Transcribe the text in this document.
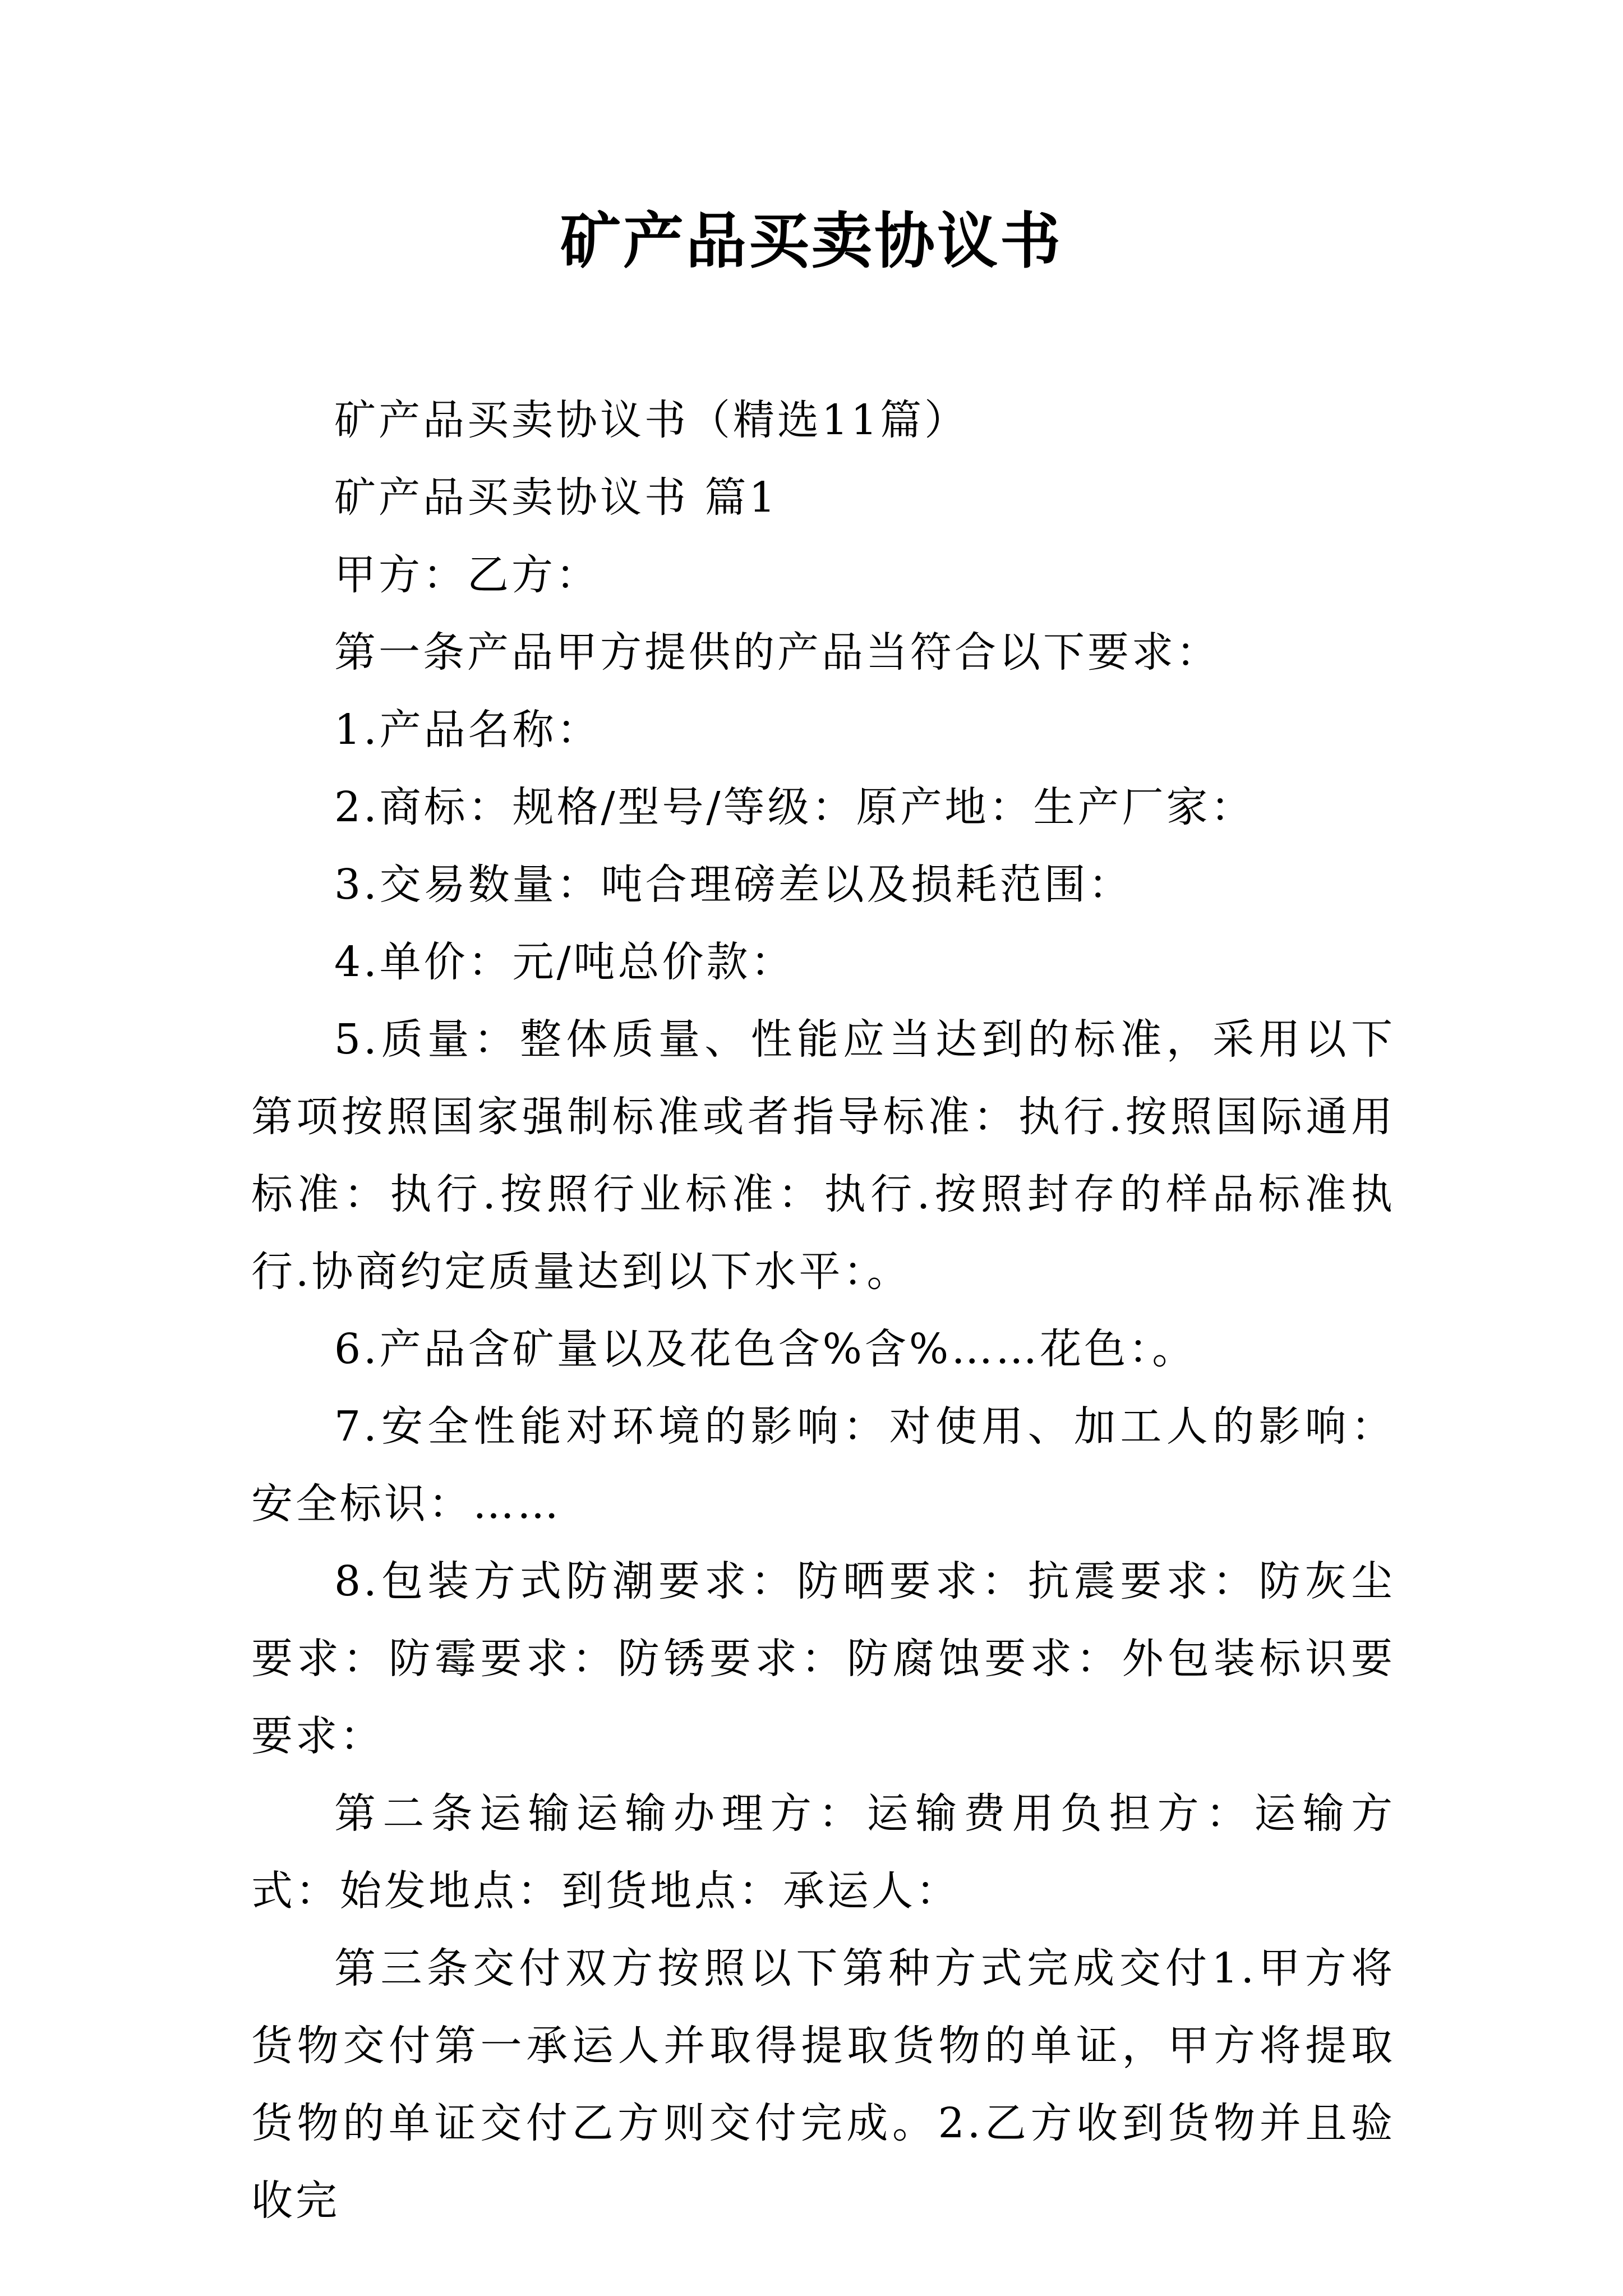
矿产品买卖协议书

矿产品买卖协议书（精选11篇）

矿产品买卖协议书 篇1

甲方：乙方：

第一条产品甲方提供的产品当符合以下要求：

1.产品名称：

2.商标：规格/型号/等级：原产地：生产厂家：

3.交易数量：吨合理磅差以及损耗范围：

4.单价：元/吨总价款：

5.质量：整体质量、性能应当达到的标准，采用以下第项按照国家强制标准或者指导标准：执行.按照国际通用标准：执行.按照行业标准：执行.按照封存的样品标准执行.协商约定质量达到以下水平：。

6.产品含矿量以及花色含%含%……花色：。

7.安全性能对环境的影响：对使用、加工人的影响：安全标识：……

8.包装方式防潮要求：防晒要求：抗震要求：防灰尘要求：防霉要求：防锈要求：防腐蚀要求：外包装标识要要求：

第二条运输运输办理方：运输费用负担方：运输方式：始发地点：到货地点：承运人：

第三条交付双方按照以下第种方式完成交付1.甲方将货物交付第一承运人并取得提取货物的单证，甲方将提取货物的单证交付乙方则交付完成。2.乙方收到货物并且验收完
